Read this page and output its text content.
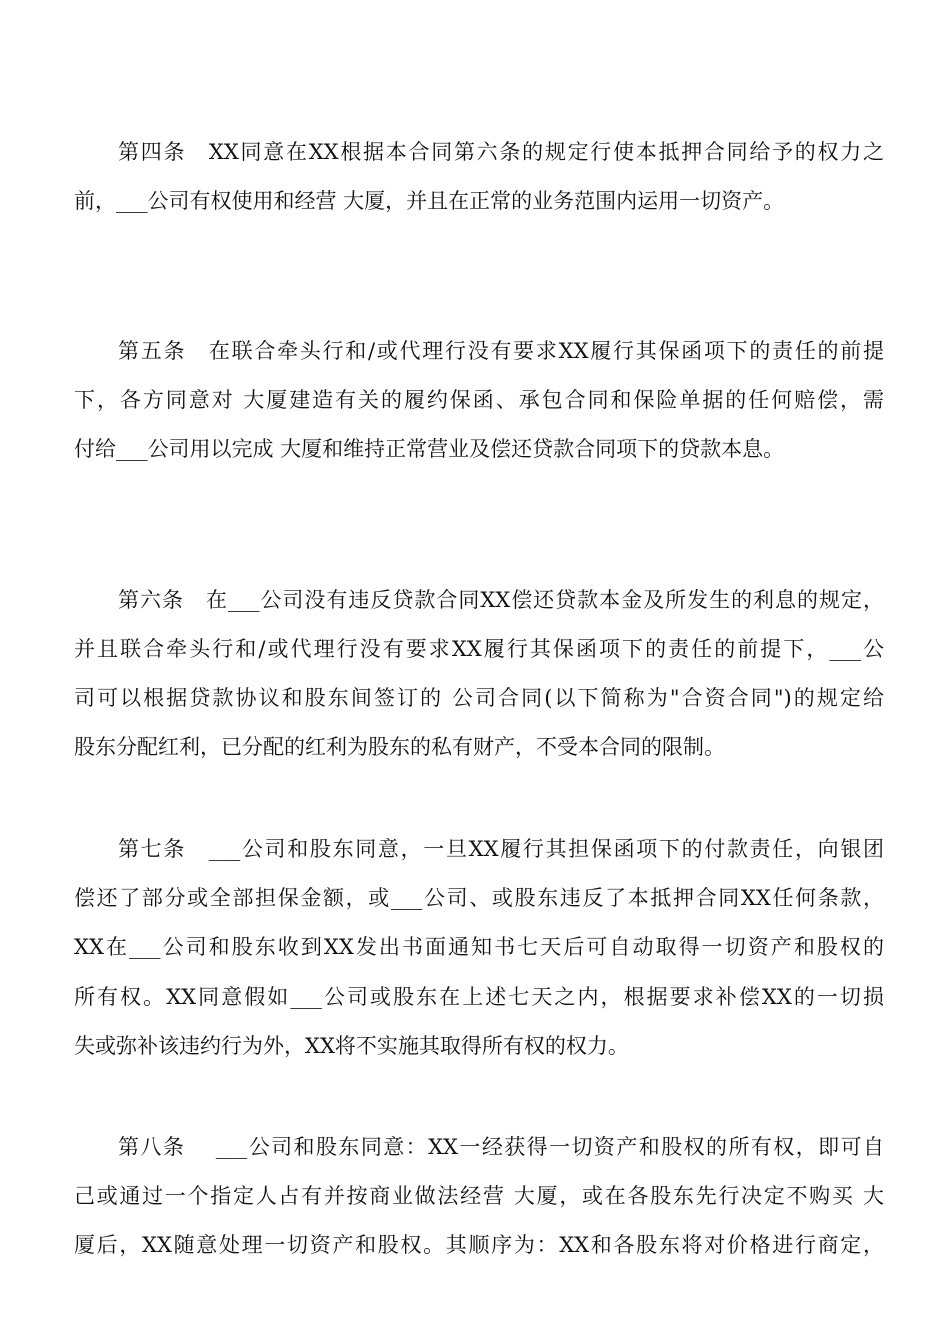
第四条　XX同意在XX根据本合同第六条的规定行使本抵押合同给予的权力之
前，___公司有权使用和经营 大厦，并且在正常的业务范围内运用一切资产。
第五条　在联合牵头行和/或代理行没有要求XX履行其保函项下的责任的前提
下，各方同意对 大厦建造有关的履约保函、承包合同和保险单据的任何赔偿，需
付给___公司用以完成 大厦和维持正常营业及偿还贷款合同项下的贷款本息。
第六条　在___公司没有违反贷款合同XX偿还贷款本金及所发生的利息的规定，
并且联合牵头行和/或代理行没有要求XX履行其保函项下的责任的前提下，___公
司可以根据贷款协议和股东间签订的 公司合同(以下简称为"合资合同")的规定给
股东分配红利，已分配的红利为股东的私有财产，不受本合同的限制。
第七条　___公司和股东同意，一旦XX履行其担保函项下的付款责任，向银团
偿还了部分或全部担保金额，或___公司、或股东违反了本抵押合同XX任何条款，
XX在___公司和股东收到XX发出书面通知书七天后可自动取得一切资产和股权的
所有权。XX同意假如___公司或股东在上述七天之内，根据要求补偿XX的一切损
失或弥补该违约行为外，XX将不实施其取得所有权的权力。
第八条　 ___公司和股东同意：XX一经获得一切资产和股权的所有权，即可自
己或通过一个指定人占有并按商业做法经营 大厦，或在各股东先行决定不购买 大
厦后，XX随意处理一切资产和股权。其顺序为：XX和各股东将对价格进行商定，
